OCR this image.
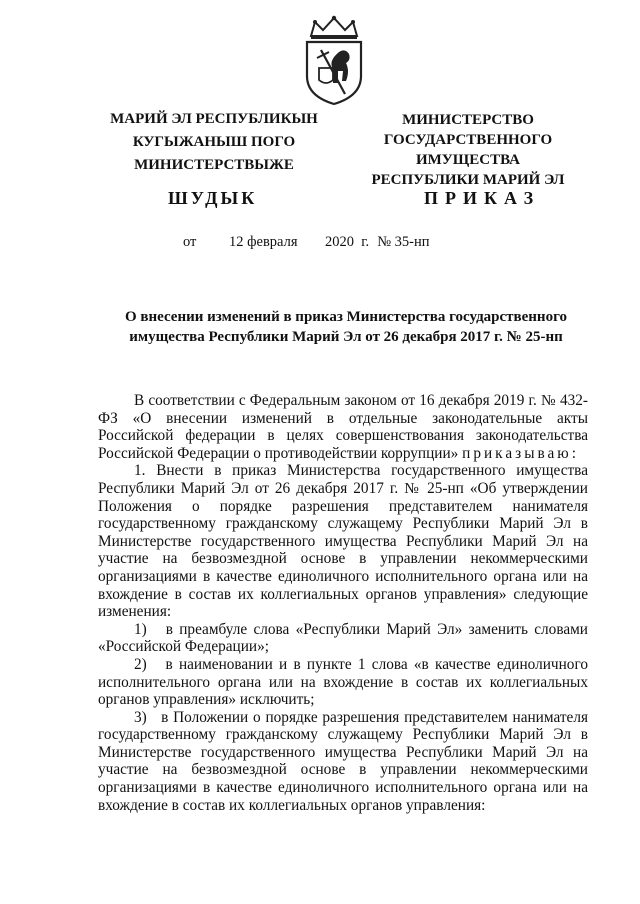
МАРИЙ ЭЛ РЕСПУБЛИКЫН
КУГЫЖАНЫШ ПОГО
МИНИСТЕРСТВЫЖЕ
МИНИСТЕРСТВО
ГОСУДАРСТВЕННОГО
ИМУЩЕСТВА
РЕСПУБЛИКИ МАРИЙ ЭЛ
ШУДЫК	ПРИКАЗ
от 12 февраля 2020  г. № 35-нп
О внесении изменений в приказ Министерства государственного имущества Республики Марий Эл от 26 декабря 2017 г. № 25-нп

В соответствии с Федеральным законом от 16 декабря 2019 г. № 432-ФЗ «О внесении изменений в отдельные законодательные акты Российской федерации в целях совершенствования законодательства Российской Федерации о противодействии коррупции» приказываю:

1. Внести в приказ Министерства государственного имущества Республики Марий Эл от 26 декабря 2017 г. № 25-нп «Об утверждении Положения о порядке разрешения представителем нанимателя государственному гражданскому служащему Республики Марий Эл в Министерстве государственного имущества Республики Марий Эл на участие на безвозмездной основе в управлении некоммерческими организациями в качестве единоличного исполнительного органа или на вхождение в состав их коллегиальных органов управления» следующие изменения:

1)   в преамбуле слова «Республики Марий Эл» заменить словами «Российской Федерации»;

2)   в наименовании и в пункте 1 слова «в качестве единоличного исполнительного органа или на вхождение в состав их коллегиальных органов управления» исключить;

3)   в Положении о порядке разрешения представителем нанимателя государственному гражданскому служащему Республики Марий Эл в Министерстве государственного имущества Республики Марий Эл на участие на безвозмездной основе в управлении некоммерческими организациями в качестве единоличного исполнительного органа или на вхождение в состав их коллегиальных органов управления:
